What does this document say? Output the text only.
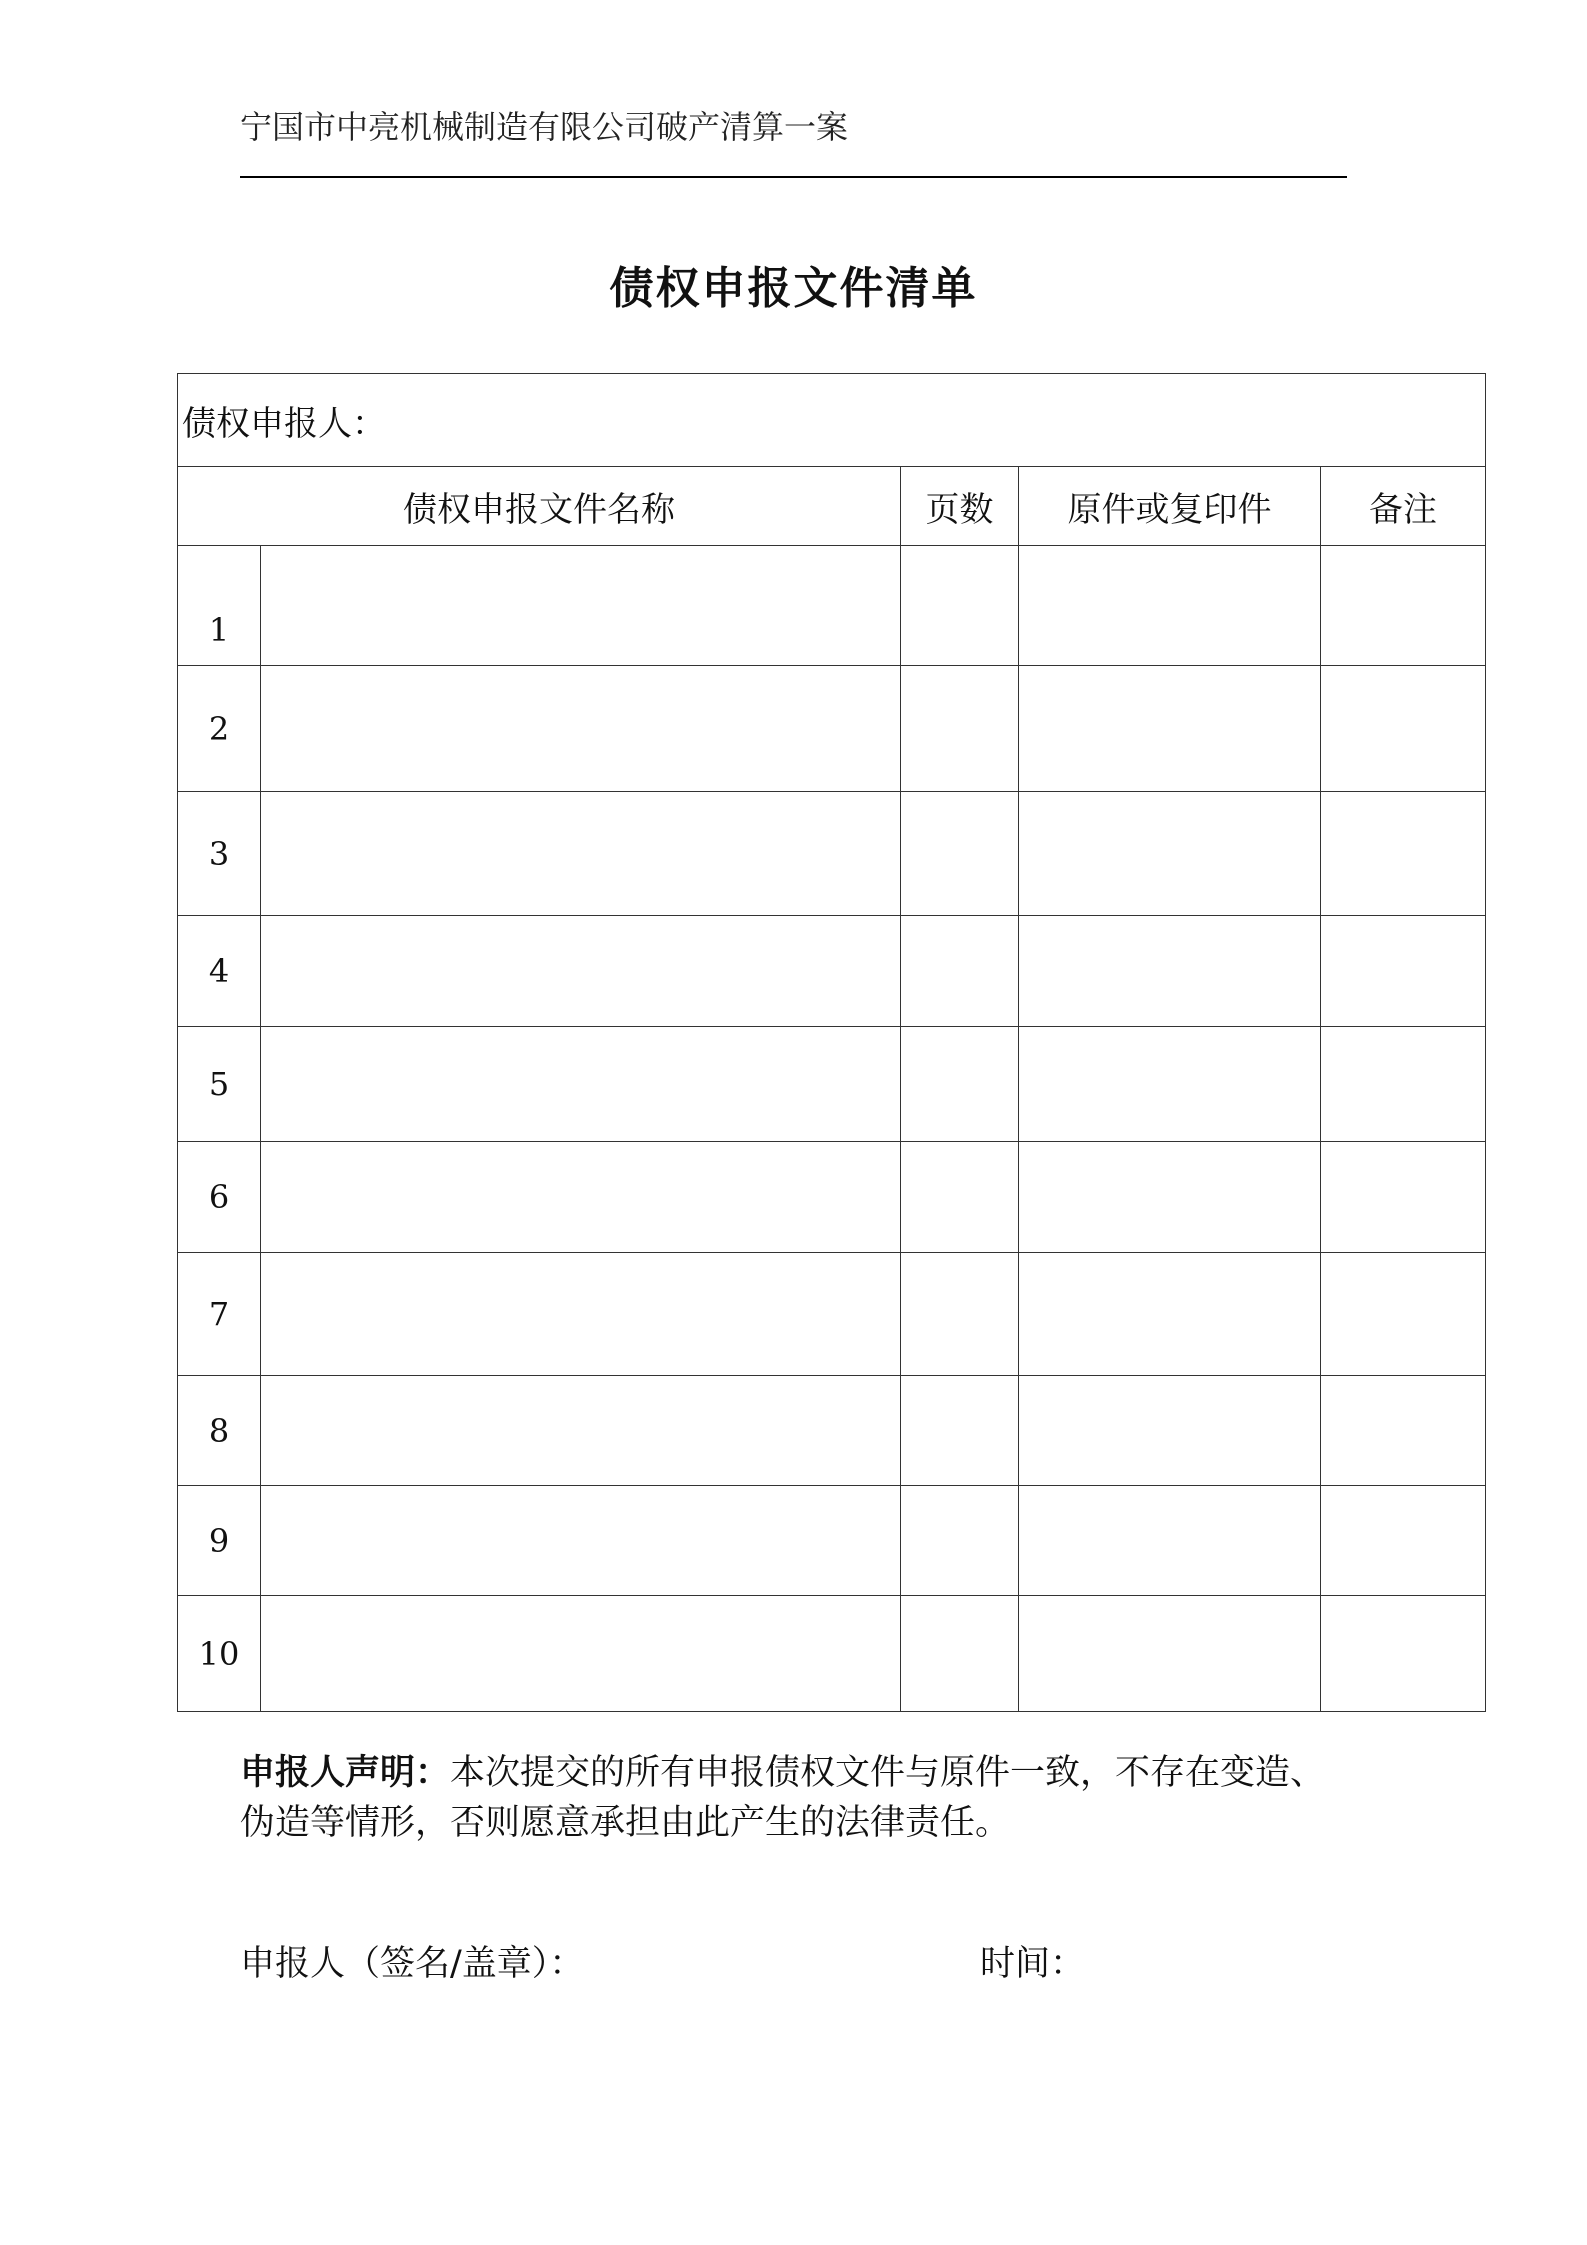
宁国市中亮机械制造有限公司破产清算一案
债权申报文件清单
债权申报人：				
债权申报文件名称		页数	原件或复印件	备注
1				
2				
3				
4				
5				
6				
7				
8				
9				
10				
申报人声明：本次提交的所有申报债权文件与原件一致，不存在变造、伪造等情形，否则愿意承担由此产生的法律责任。
申报人（签名/盖章）：	时间：
